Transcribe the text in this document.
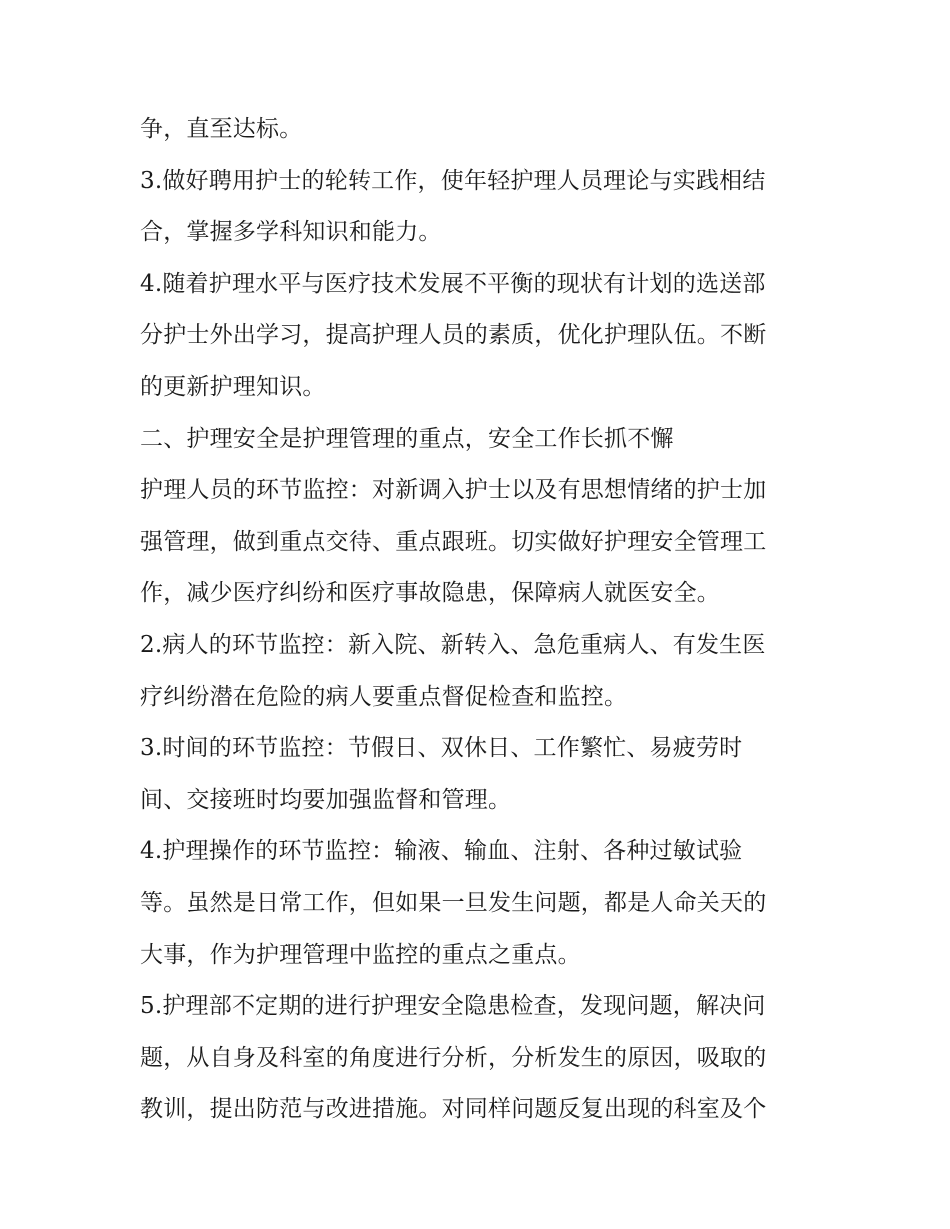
争，直至达标。
3.做好聘用护士的轮转工作，使年轻护理人员理论与实践相结
合，掌握多学科知识和能力。
4.随着护理水平与医疗技术发展不平衡的现状有计划的选送部
分护士外出学习，提高护理人员的素质，优化护理队伍。不断
的更新护理知识。
二、护理安全是护理管理的重点，安全工作长抓不懈
护理人员的环节监控：对新调入护士以及有思想情绪的护士加
强管理，做到重点交待、重点跟班。切实做好护理安全管理工
作，减少医疗纠纷和医疗事故隐患，保障病人就医安全。
2.病人的环节监控：新入院、新转入、急危重病人、有发生医
疗纠纷潜在危险的病人要重点督促检查和监控。
3.时间的环节监控：节假日、双休日、工作繁忙、易疲劳时
间、交接班时均要加强监督和管理。
4.护理操作的环节监控：输液、输血、注射、各种过敏试验
等。虽然是日常工作，但如果一旦发生问题，都是人命关天的
大事，作为护理管理中监控的重点之重点。
5.护理部不定期的进行护理安全隐患检查，发现问题，解决问
题，从自身及科室的角度进行分析，分析发生的原因，吸取的
教训，提出防范与改进措施。对同样问题反复出现的科室及个
